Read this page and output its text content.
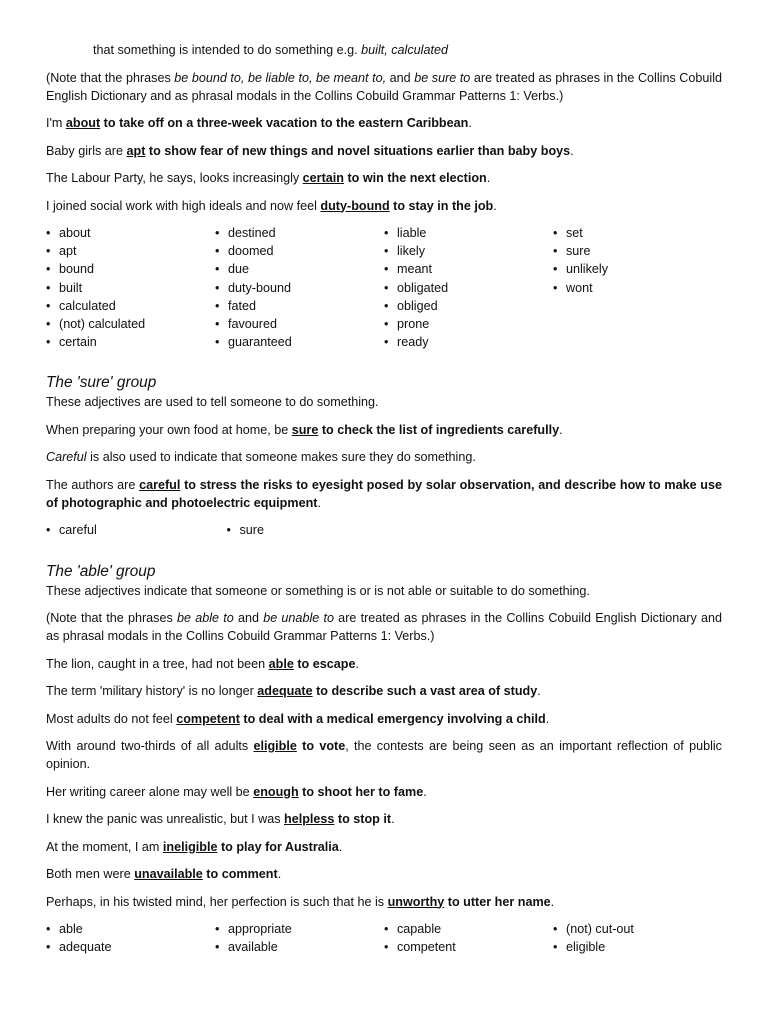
that something is intended to do something e.g. built, calculated

(Note that the phrases be bound to, be liable to, be meant to, and be sure to are treated as phrases in the Collins Cobuild English Dictionary and as phrasal modals in the Collins Cobuild Grammar Patterns 1: Verbs.)

I'm about to take off on a three-week vacation to the eastern Caribbean.

Baby girls are apt to show fear of new things and novel situations earlier than baby boys.

The Labour Party, he says, looks increasingly certain to win the next election.

I joined social work with high ideals and now feel duty-bound to stay in the job.

• about
• apt
• bound
• built
• calculated
• (not) calculated
• certain
• destined
• doomed
• due
• duty-bound
• fated
• favoured
• guaranteed
• liable
• likely
• meant
• obligated
• obliged
• prone
• ready
• set
• sure
• unlikely
• wont
The 'sure' group

These adjectives are used to tell someone to do something.

When preparing your own food at home, be sure to check the list of ingredients carefully.

Careful is also used to indicate that someone makes sure they do something.

The authors are careful to stress the risks to eyesight posed by solar observation, and describe how to make use of photographic and photoelectric equipment.

• careful
•	sure
The 'able' group

These adjectives indicate that someone or something is or is not able or suitable to do something.

(Note that the phrases be able to and be unable to are treated as phrases in the Collins Cobuild English Dictionary and as phrasal modals in the Collins Cobuild Grammar Patterns 1: Verbs.)

The lion, caught in a tree, had not been able to escape.

The term 'military history' is no longer adequate to describe such a vast area of study.

Most adults do not feel competent to deal with a medical emergency involving a child.

With around two-thirds of all adults eligible to vote, the contests are being seen as an important reflection of public opinion.

Her writing career alone may well be enough to shoot her to fame.

I knew the panic was unrealistic, but I was helpless to stop it.

At the moment, I am ineligible to play for Australia.

Both men were unavailable to comment.

Perhaps, in his twisted mind, her perfection is such that he is unworthy to utter her name.

• able
• adequate
• appropriate
• available
• capable
• competent
• (not) cut-out
• eligible
